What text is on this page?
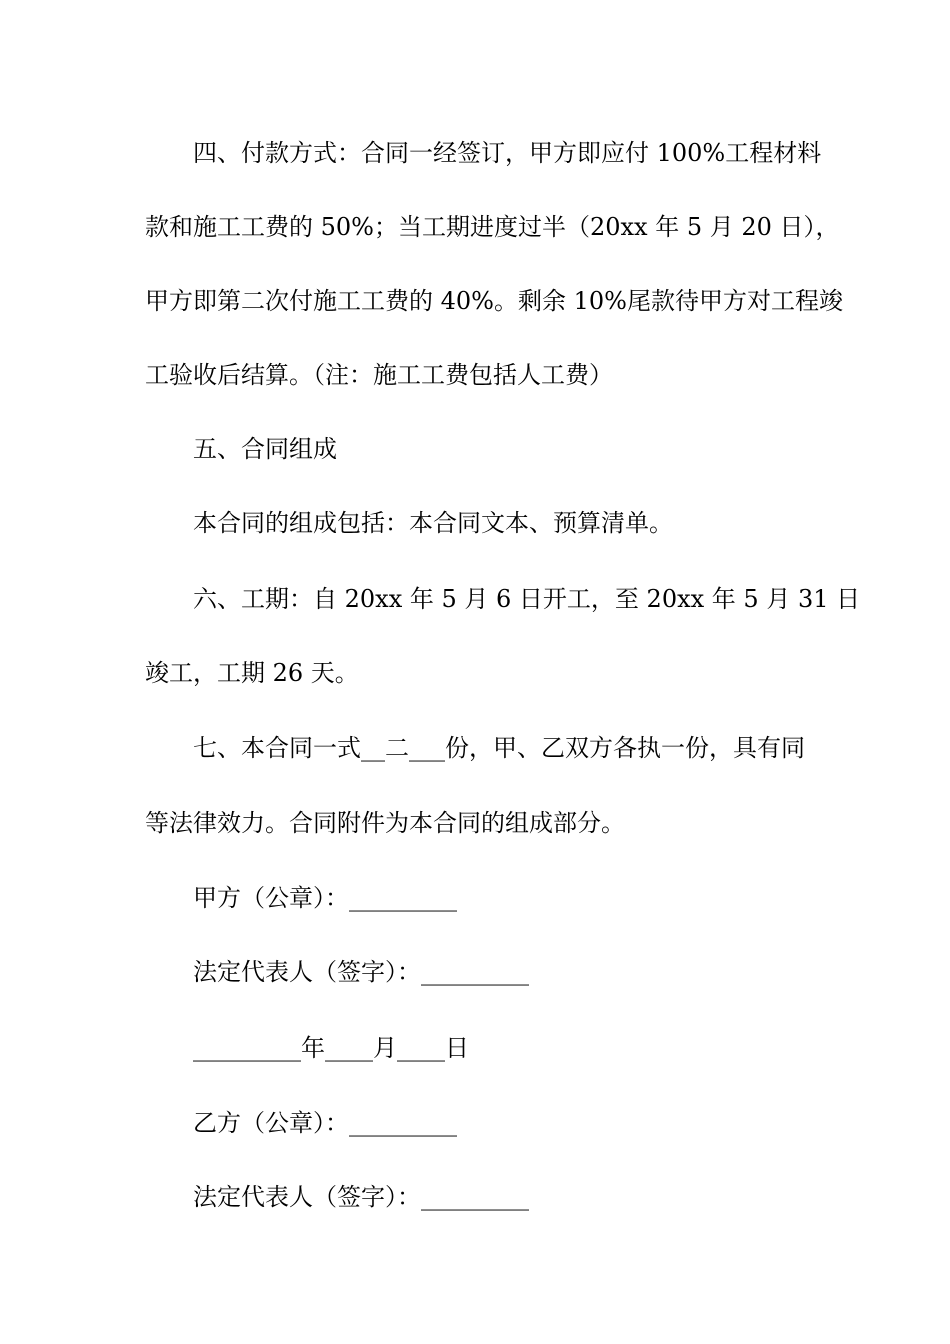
四、付款方式：合同一经签订，甲方即应付 100%工程材料
款和施工工费的 50%；当工期进度过半（20xx 年 5 月 20 日），
甲方即第二次付施工工费的 40%。剩余 10%尾款待甲方对工程竣
工验收后结算。（注：施工工费包括人工费）
五、合同组成
本合同的组成包括：本合同文本、预算清单。
六、工期：自 20xx 年 5 月 6 日开工，至 20xx 年 5 月 31 日
竣工，工期 26 天。
七、本合同一式__二___份，甲、乙双方各执一份，具有同
等法律效力。合同附件为本合同的组成部分。
甲方（公章）：_________
法定代表人（签字）：_________
_________年____月____日
乙方（公章）：_________
法定代表人（签字）：_________
